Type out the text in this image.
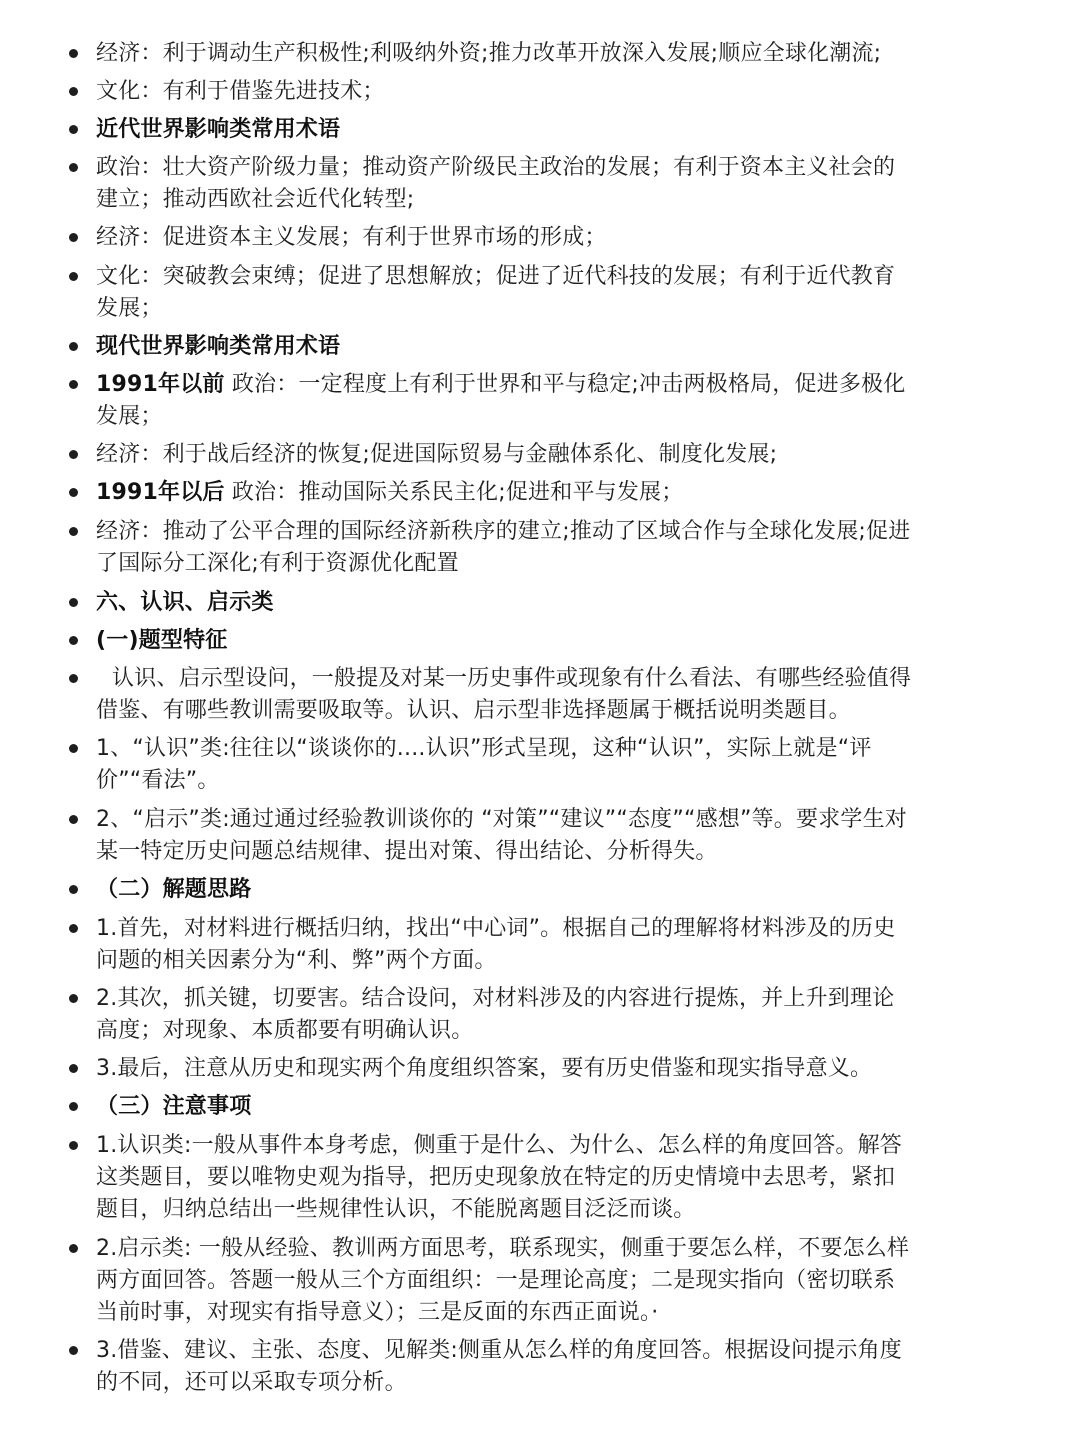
经济：利于调动生产积极性;利吸纳外资;推力改革开放深入发展;顺应全球化潮流;
文化：有利于借鉴先进技术；
近代世界影响类常用术语
政治：壮大资产阶级力量；推动资产阶级民主政治的发展；有利于资本主义社会的建立；推动西欧社会近代化转型;
经济：促进资本主义发展；有利于世界市场的形成；
文化：突破教会束缚；促进了思想解放；促进了近代科技的发展；有利于近代教育发展；
现代世界影响类常用术语
1991年以前 政治：一定程度上有利于世界和平与稳定;冲击两极格局，促进多极化发展；
经济：利于战后经济的恢复;促进国际贸易与金融体系化、制度化发展;
1991年以后 政治：推动国际关系民主化;促进和平与发展；
经济：推动了公平合理的国际经济新秩序的建立;推动了区域合作与全球化发展;促进了国际分工深化;有利于资源优化配置
六、认识、启示类
(一)题型特征
认识、启示型设问，一般提及对某一历史事件或现象有什么看法、有哪些经验值得借鉴、有哪些教训需要吸取等。认识、启示型非选择题属于概括说明类题目。
1、“认识”类:往往以“谈谈你的....认识”形式呈现，这种“认识”，实际上就是“评价”“看法”。
2、“启示”类:通过通过经验教训谈你的 “对策”“建议”“态度”“感想”等。要求学生对某一特定历史问题总结规律、提出对策、得出结论、分析得失。
（二）解题思路
1.首先，对材料进行概括归纳，找出“中心词”。根据自己的理解将材料涉及的历史问题的相关因素分为“利、弊”两个方面。
2.其次，抓关键，切要害。结合设问，对材料涉及的内容进行提炼，并上升到理论高度；对现象、本质都要有明确认识。
3.最后，注意从历史和现实两个角度组织答案，要有历史借鉴和现实指导意义。
（三）注意事项
1.认识类:一般从事件本身考虑，侧重于是什么、为什么、怎么样的角度回答。解答这类题目，要以唯物史观为指导，把历史现象放在特定的历史情境中去思考，紧扣题目，归纳总结出一些规律性认识，不能脱离题目泛泛而谈。
2.启示类: 一般从经验、教训两方面思考，联系现实，侧重于要怎么样，不要怎么样两方面回答。答题一般从三个方面组织：一是理论高度；二是现实指向（密切联系当前时事，对现实有指导意义）；三是反面的东西正面说。·
3.借鉴、建议、主张、态度、见解类:侧重从怎么样的角度回答。根据设问提示角度的不同，还可以采取专项分析。
